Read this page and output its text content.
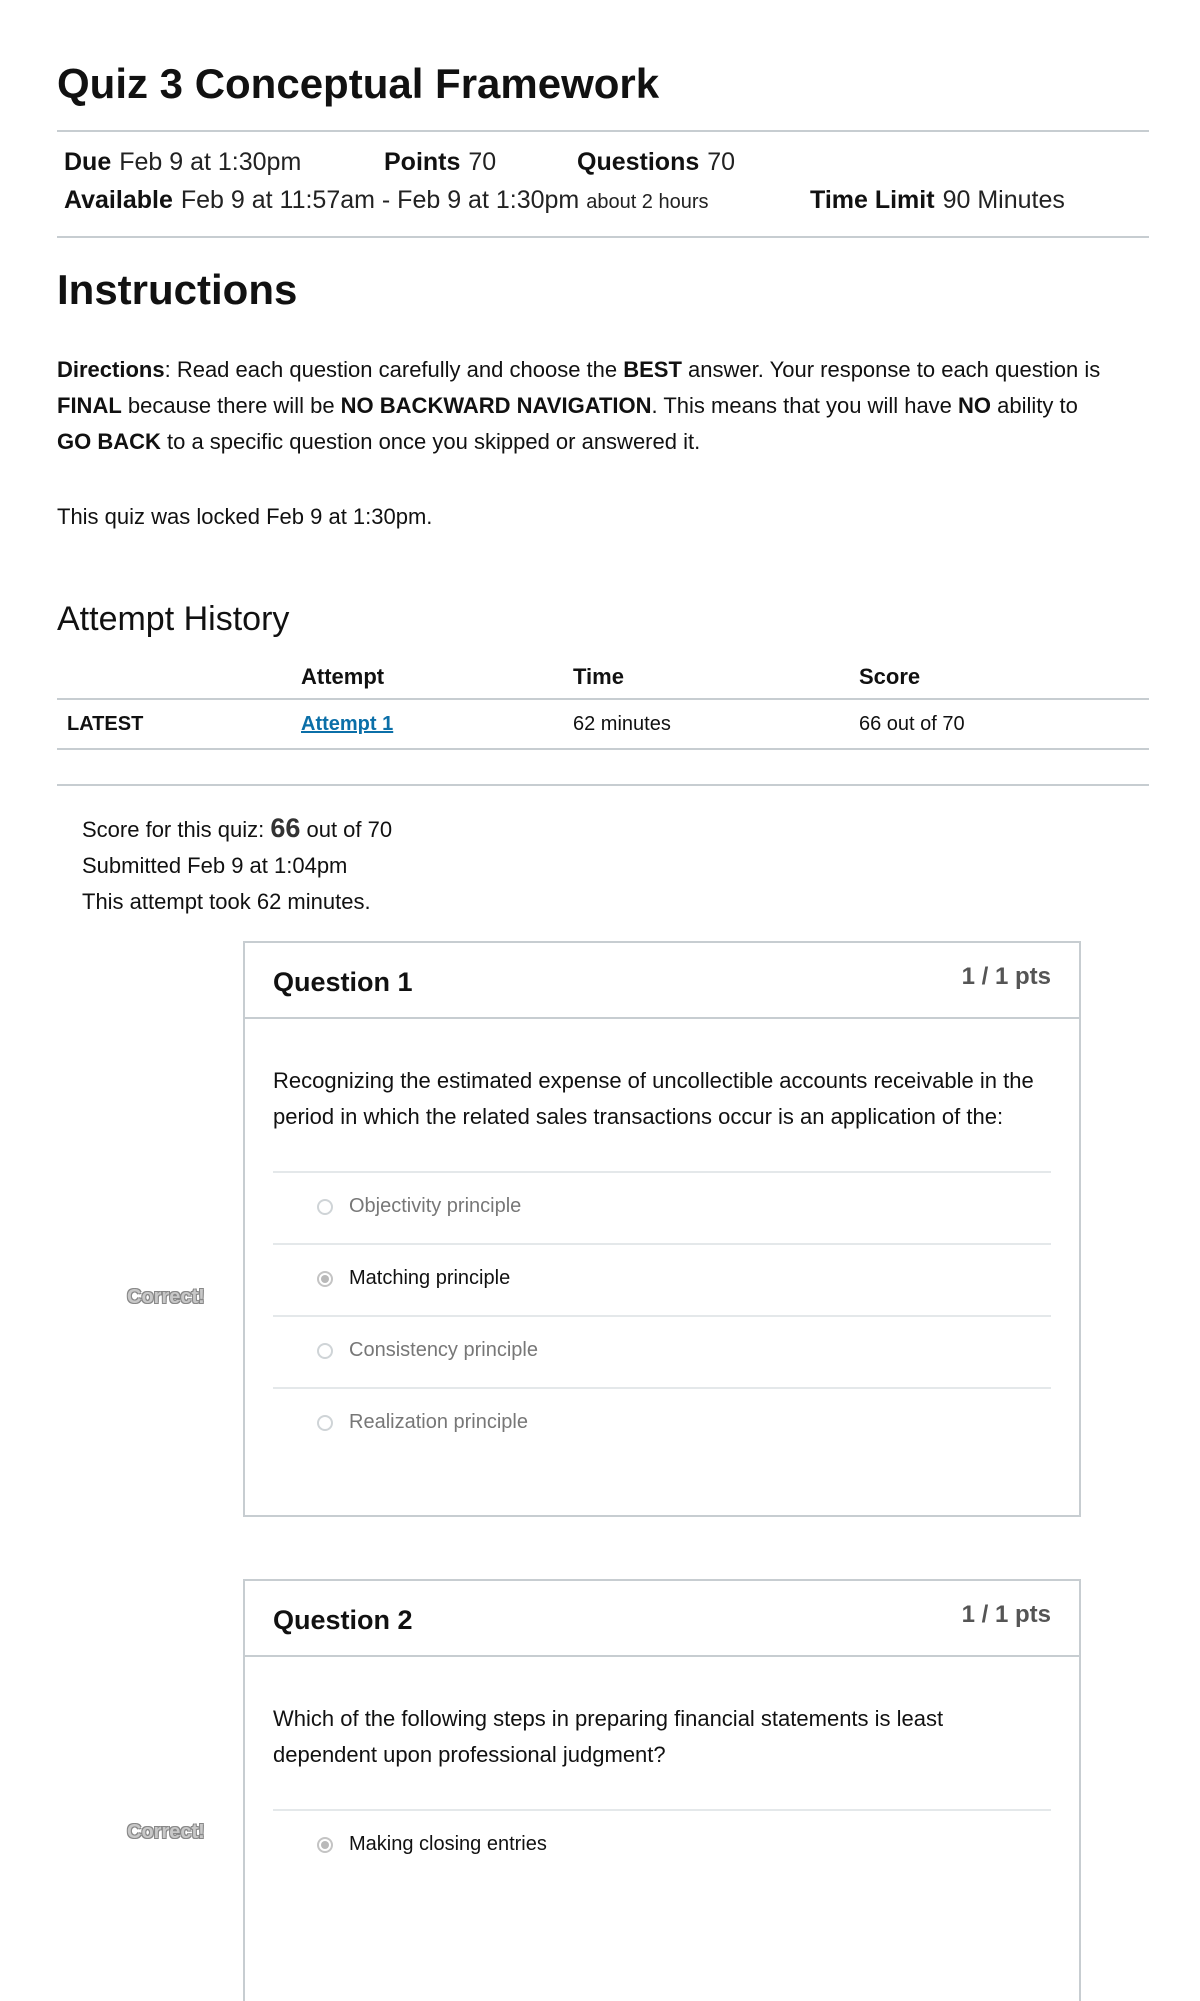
Quiz 3 Conceptual Framework
Due Feb 9 at 1:30pm	Points 70	Questions 70
Available Feb 9 at 11:57am - Feb 9 at 1:30pm about 2 hours	Time Limit 90 Minutes
Instructions

Directions: Read each question carefully and choose the BEST answer. Your response to each question is FINAL because there will be NO BACKWARD NAVIGATION. This means that you will have NO ability to GO BACK to a specific question once you skipped or answered it.

This quiz was locked Feb 9 at 1:30pm.

Attempt History
	Attempt	Time	Score
LATEST	Attempt 1	62 minutes	66 out of 70
Score for this quiz: 66 out of 70
Submitted Feb 9 at 1:04pm
This attempt took 62 minutes.
Question 1	1 / 1 pts

Recognizing the estimated expense of uncollectible accounts receivable in the period in which the related sales transactions occur is an application of the:

Objectivity principle
Matching principle
Consistency principle
Realization principle
Correct!
Question 2	1 / 1 pts

Which of the following steps in preparing financial statements is least dependent upon professional judgment?

Making closing entries
Correct!
